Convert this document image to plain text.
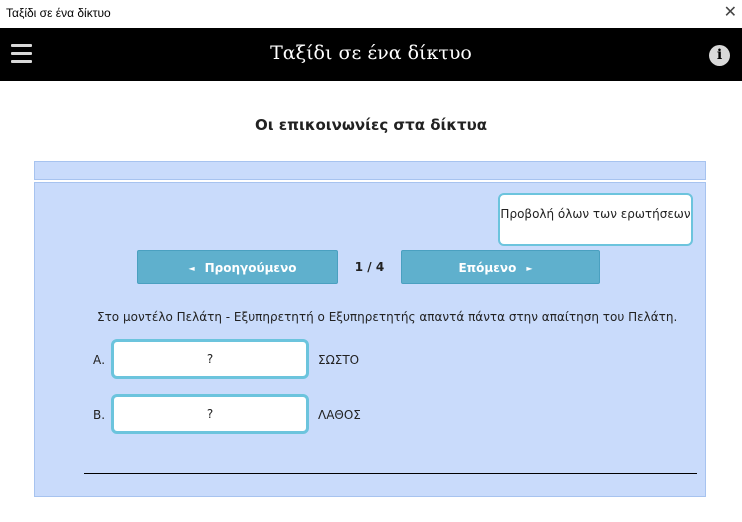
Ταξίδι σε ένα δίκτυο	✕
Ταξίδι σε ένα δίκτυο	i
Οι επικοινωνίες στα δίκτυα
Προβολή όλων των ερωτήσεων
◄ Προηγούμενο	1 / 4	Επόμενο ►
Στο μοντέλο Πελάτη - Εξυπηρετητή ο Εξυπηρετητής απαντά πάντα στην απαίτηση του Πελάτη.
Α.	?	ΣΩΣΤΟ
Β.	?	ΛΑΘΟΣ
